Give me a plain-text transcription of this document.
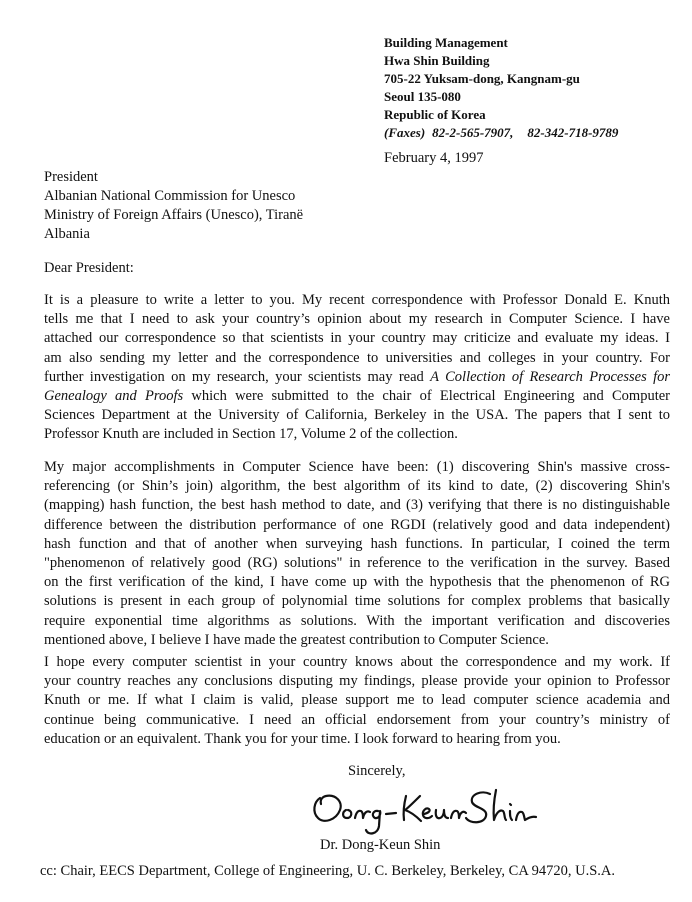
Building Management
Hwa Shin Building
705-22 Yuksam-dong, Kangnam-gu
Seoul 135-080
Republic of Korea
(Faxes) 82-2-565-7907, 82-342-718-9789
February 4, 1997
President
Albanian National Commission for Unesco
Ministry of Foreign Affairs (Unesco), Tiranë
Albania
Dear President:

It is a pleasure to write a letter to you. My recent correspondence with Professor Donald E. Knuth

tells me that I need to ask your country’s opinion about my research in Computer Science. I have

attached our correspondence so that scientists in your country may criticize and evaluate my ideas. I

am also sending my letter and the correspondence to universities and colleges in your country. For

further investigation on my research, your scientists may read A Collection of Research Processes for

Genealogy and Proofs which were submitted to the chair of Electrical Engineering and Computer

Sciences Department at the University of California, Berkeley in the USA. The papers that I sent to

Professor Knuth are included in Section 17, Volume 2 of the collection.

My major accomplishments in Computer Science have been: (1) discovering Shin's massive cross-

referencing (or Shin’s join) algorithm, the best algorithm of its kind to date, (2) discovering Shin's

(mapping) hash function, the best hash method to date, and (3) verifying that there is no distinguishable

difference between the distribution performance of one RGDI (relatively good and data independent)

hash function and that of another when surveying hash functions. In particular, I coined the term

"phenomenon of relatively good (RG) solutions" in reference to the verification in the survey. Based

on the first verification of the kind, I have come up with the hypothesis that the phenomenon of RG

solutions is present in each group of polynomial time solutions for complex problems that basically

require exponential time algorithms as solutions. With the important verification and discoveries

mentioned above, I believe I have made the greatest contribution to Computer Science.

I hope every computer scientist in your country knows about the correspondence and my work. If

your country reaches any conclusions disputing my findings, please provide your opinion to Professor

Knuth or me. If what I claim is valid, please support me to lead computer science academia and

continue being communicative. I need an official endorsement from your country’s ministry of

education or an equivalent. Thank you for your time. I look forward to hearing from you.

Sincerely,
Dr. Dong-Keun Shin
cc: Chair, EECS Department, College of Engineering, U. C. Berkeley, Berkeley, CA 94720, U.S.A.
